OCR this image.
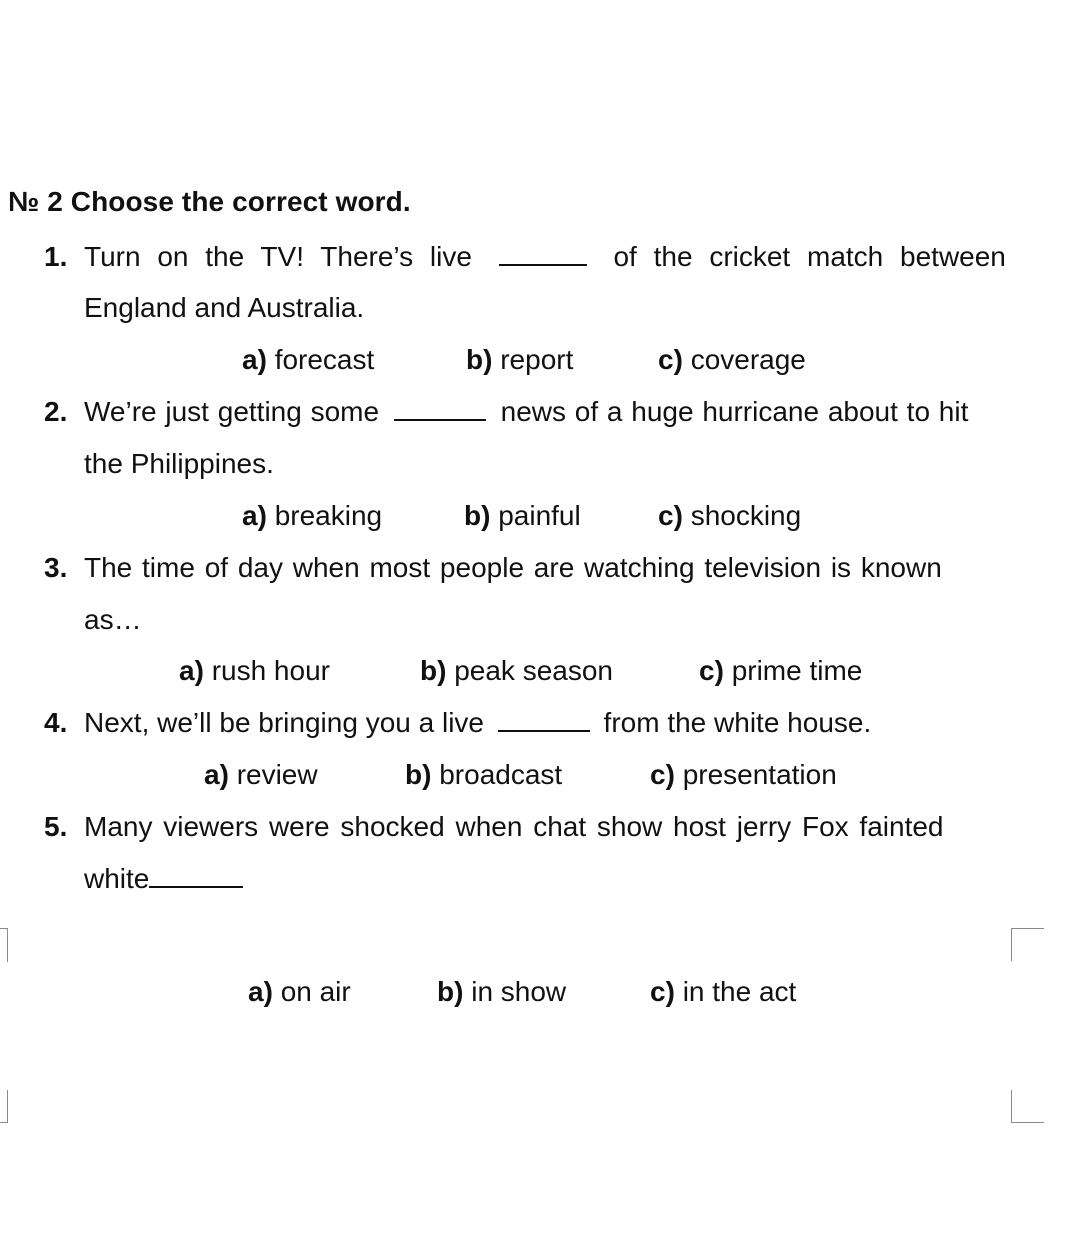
№ 2 Choose the correct word.
1. Turn on the TV! There’s live	of the cricket match between
England and Australia.
a) forecast	b) report	c) coverage
2. We’re just getting some	news of a huge hurricane about to hit
the Philippines.
a) breaking	b) painful	c) shocking
3. The time of day when most people are watching television is known
as…
a) rush hour	b) peak season	c) prime time
4. Next, we’ll be bringing you a live	from the white house.
a) review	b) broadcast	c) presentation
5. Many viewers were shocked when chat show host jerry Fox fainted
white
a) on air	b) in show	c) in the act
